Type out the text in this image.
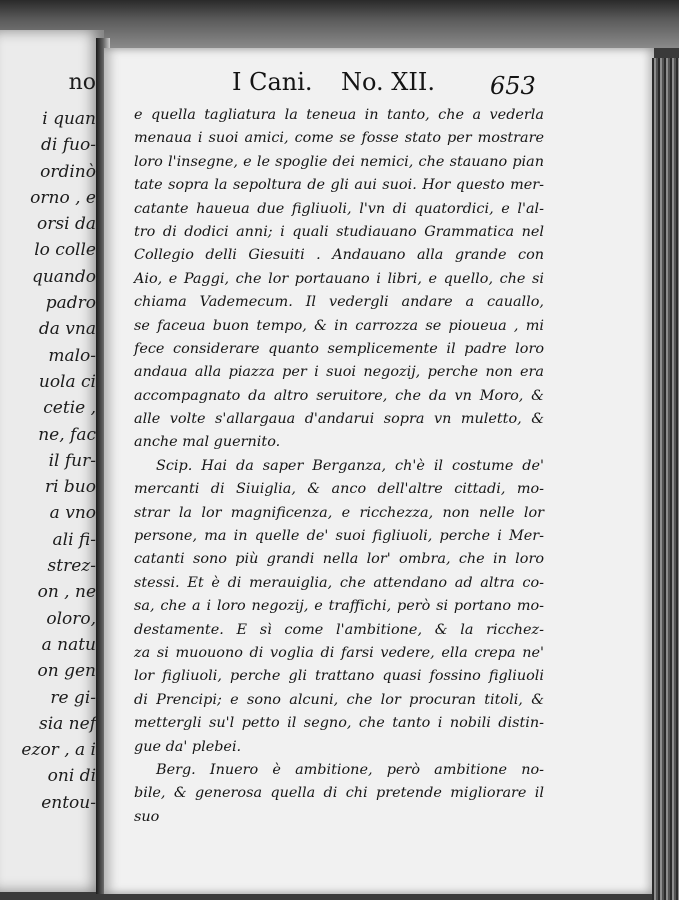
no
i quan
di fuo-
ordinò
orno , e
orsi da
lo colle
quando
padro
da vna
malo-
uola ci
cetie ,
ne, fac
il fur-
ri buo
a vno
ali fi-
strez-
on , ne
oloro,
a natu
on gen
re gi-
sia nef
ezor , a i
oni di
entou-
I Cani. No. XII. 653
e quella tagliatura la teneua in tanto, che a vederla
menaua i suoi amici, come se fosse stato per mostrare
loro l'insegne, e le spoglie dei nemici, che stauano pian
tate sopra la sepoltura de gli aui suoi. Hor questo mer-
catante haueua due figliuoli, l'vn di quatordici, e l'al-
tro di dodici anni; i quali studiauano Grammatica nel
Collegio delli Giesuiti . Andauano alla grande con
Aio, e Paggi, che lor portauano i libri, e quello, che si
chiama Vademecum. Il vedergli andare a cauallo,
se faceua buon tempo, & in carrozza se pioueua , mi
fece considerare quanto semplicemente il padre loro
andaua alla piazza per i suoi negozij, perche non era
accompagnato da altro seruitore, che da vn Moro, &
alle volte s'allargaua d'andarui sopra vn muletto, &
anche mal guernito.
Scip. Hai da saper Berganza, ch'è il costume de'
mercanti di Siuiglia, & anco dell'altre cittadi, mo-
strar la lor magnificenza, e ricchezza, non nelle lor
persone, ma in quelle de' suoi figliuoli, perche i Mer-
catanti sono più grandi nella lor' ombra, che in loro
stessi. Et è di merauiglia, che attendano ad altra co-
sa, che a i loro negozij, e traffichi, però si portano mo-
destamente. E sì come l'ambitione, & la ricchez-
za si muouono di voglia di farsi vedere, ella crepa ne'
lor figliuoli, perche gli trattano quasi fossino figliuoli
di Prencipi; e sono alcuni, che lor procuran titoli, &
mettergli su'l petto il segno, che tanto i nobili distin-
gue da' plebei.
Berg. Inuero è ambitione, però ambitione no-
bile, & generosa quella di chi pretende migliorare il
suo
